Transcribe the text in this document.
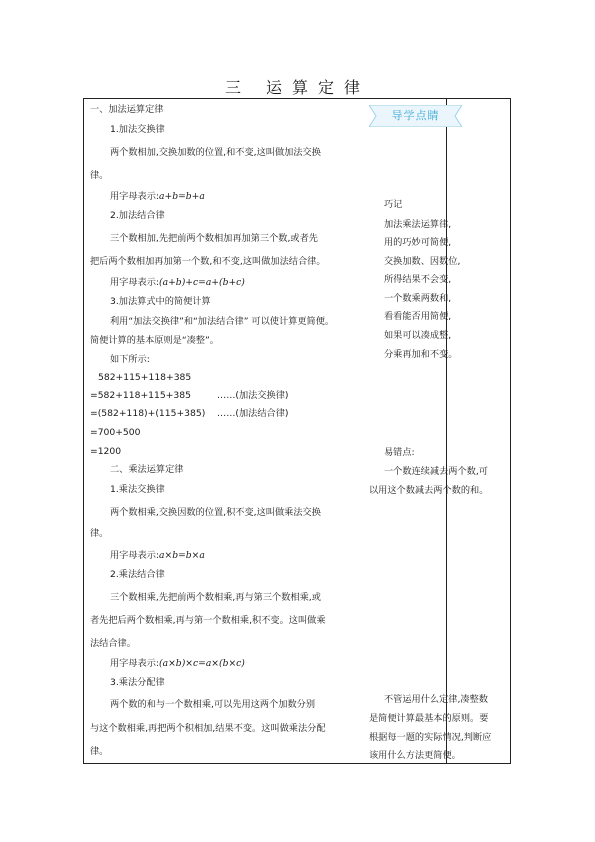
三 运算定律
一、加法运算定律
1.加法交换律
两个数相加,交换加数的位置,和不变,这叫做加法交换
律。
用字母表示:a+b=b+a
2.加法结合律
三个数相加,先把前两个数相加再加第三个数,或者先
把后两个数相加再加第一个数,和不变,这叫做加法结合律。
用字母表示:(a+b)+c=a+(b+c)
3.加法算式中的简便计算
利用“加法交换律”和“加法结合律” 可以使计算更简便。
简便计算的基本原则是“凑整”。
如下所示:
582+115+118+385
=582+118+115+385	……(加法交换律)
=(582+118)+(115+385) ……(加法结合律)
=700+500
=1200
二、乘法运算定律
1.乘法交换律
两个数相乘,交换因数的位置,积不变,这叫做乘法交换
律。
用字母表示:a×b=b×a
2.乘法结合律
三个数相乘,先把前两个数相乘,再与第三个数相乘,或
者先把后两个数相乘,再与第一个数相乘,积不变。这叫做乘
法结合律。
用字母表示:(a×b)×c=a×(b×c)
3.乘法分配律
两个数的和与一个数相乘,可以先用这两个加数分别
与这个数相乘,再把两个积相加,结果不变。这叫做乘法分配
律。
导学点睛
巧记
加法乘法运算律,
用的巧妙可简便,
交换加数、因数位,
所得结果不会变,
一个数乘两数和,
看看能否用简便,
如果可以凑成整,
分乘再加和不变。
易错点:
一个数连续减去两个数,可
以用这个数减去两个数的和。
不管运用什么定律,凑整数
是简便计算最基本的原则。要
根据每一题的实际情况,判断应
该用什么方法更简便。
